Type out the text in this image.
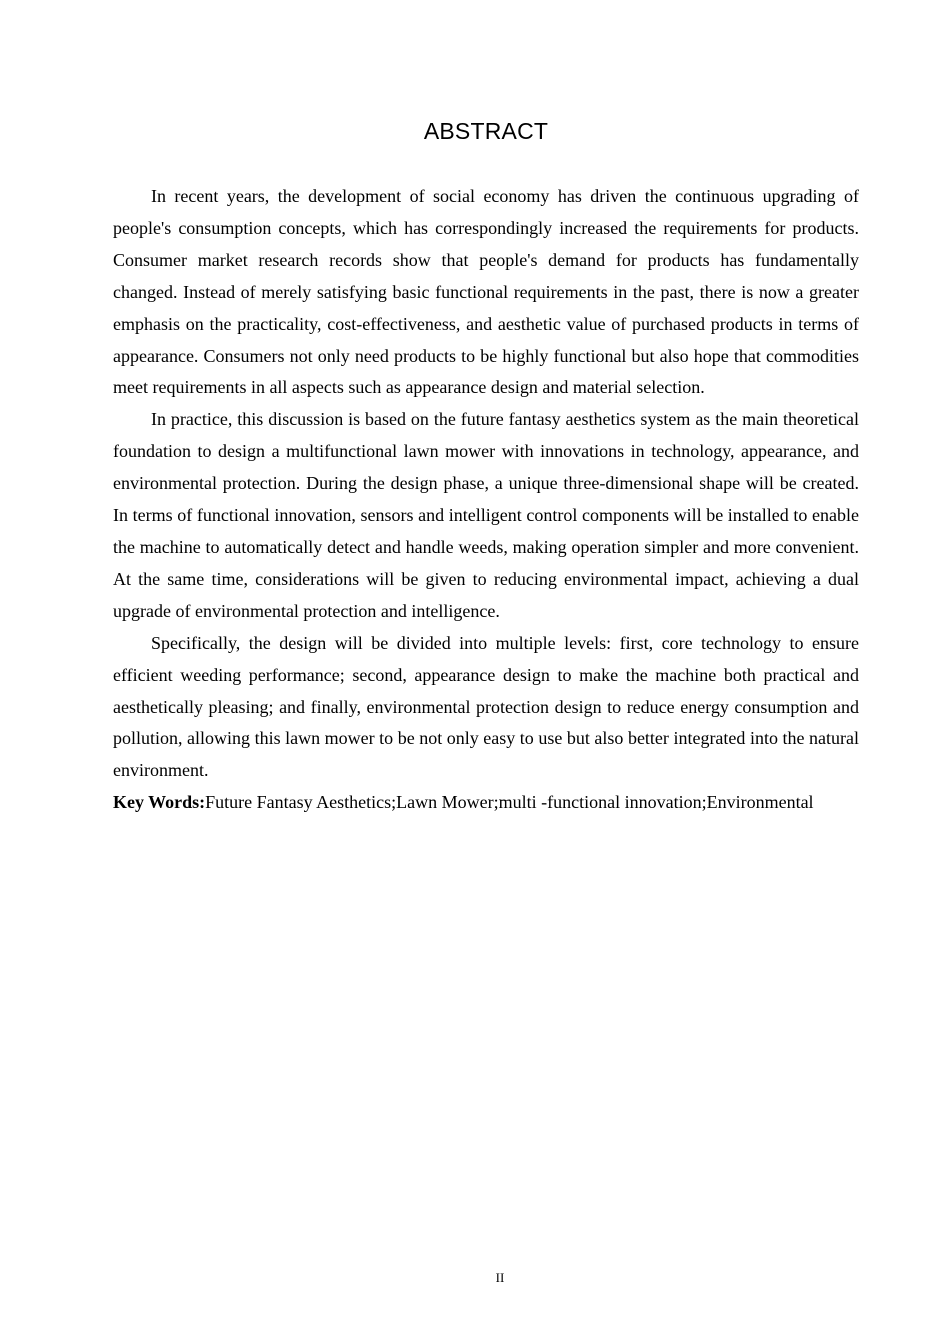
ABSTRACT

In recent years, the development of social economy has driven the continuous upgrading of people's consumption concepts, which has correspondingly increased the requirements for products. Consumer market research records show that people's demand for products has fundamentally changed. Instead of merely satisfying basic functional requirements in the past, there is now a greater emphasis on the practicality, cost-effectiveness, and aesthetic value of purchased products in terms of appearance. Consumers not only need products to be highly functional but also hope that commodities meet requirements in all aspects such as appearance design and material selection.

In practice, this discussion is based on the future fantasy aesthetics system as the main theoretical foundation to design a multifunctional lawn mower with innovations in technology, appearance, and environmental protection. During the design phase, a unique three-dimensional shape will be created. In terms of functional innovation, sensors and intelligent control components will be installed to enable the machine to automatically detect and handle weeds, making operation simpler and more convenient. At the same time, considerations will be given to reducing environmental impact, achieving a dual upgrade of environmental protection and intelligence.

Specifically, the design will be divided into multiple levels: first, core technology to ensure efficient weeding performance; second, appearance design to make the machine both practical and aesthetically pleasing; and finally, environmental protection design to reduce energy consumption and pollution, allowing this lawn mower to be not only easy to use but also better integrated into the natural environment.

Key Words:Future Fantasy Aesthetics;Lawn Mower;multi -functional innovation;Environmental

II
